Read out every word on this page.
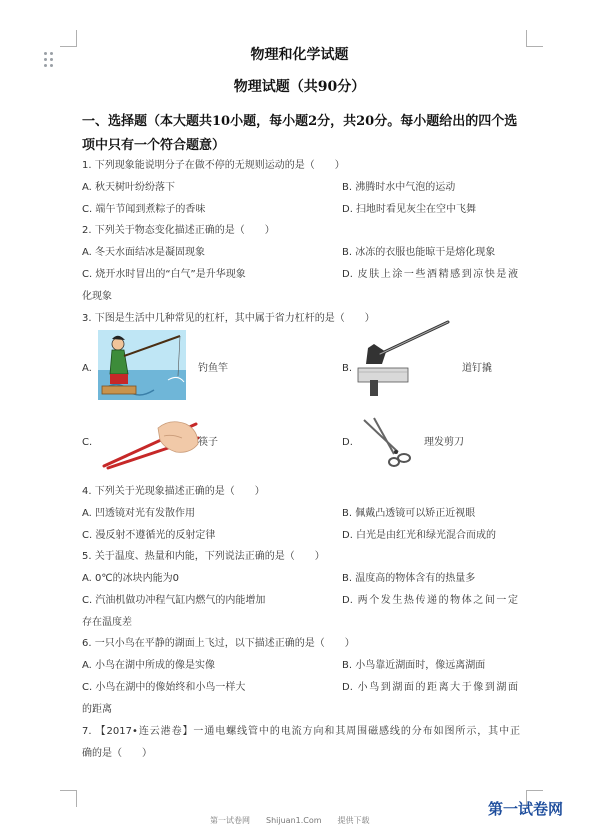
物理和化学试题
物理试题（共90分）
一、选择题（本大题共10小题，每小题2分，共20分。每小题给出的四个选
项中只有一个符合题意）
1. 下列现象能说明分子在做不停的无规则运动的是（　　）
A. 秋天树叶纷纷落下	B. 沸腾时水中气泡的运动
C. 端午节闻到煮粽子的香味	D. 扫地时看见灰尘在空中飞舞
2. 下列关于物态变化描述正确的是（　　）
A. 冬天水面结冰是凝固现象	B. 冰冻的衣服也能晾干是熔化现象
C. 烧开水时冒出的“白气”是升华现象	D. 皮肤上涂一些酒精感到凉快是液
化现象
3. 下图是生活中几种常见的杠杆，其中属于省力杠杆的是（　　）
A.	钓鱼竿	B.	道钉撬
C.	筷子	D.	理发剪刀
4. 下列关于光现象描述正确的是（　　）
A. 凹透镜对光有发散作用	B. 佩戴凸透镜可以矫正近视眼
C. 漫反射不遵循光的反射定律	D. 白光是由红光和绿光混合而成的
5. 关于温度、热量和内能，下列说法正确的是（　　）
A. 0℃的冰块内能为0	B. 温度高的物体含有的热量多
C. 汽油机做功冲程气缸内燃气的内能增加	D. 两个发生热传递的物体之间一定
存在温度差
6. 一只小鸟在平静的湖面上飞过，以下描述正确的是（　　）
A. 小鸟在湖中所成的像是实像	B. 小鸟靠近湖面时，像远离湖面
C. 小鸟在湖中的像始终和小鸟一样大	D. 小鸟到湖面的距离大于像到湖面
的距离
7. 【2017•连云港卷】一通电螺线管中的电流方向和其周围磁感线的分布如图所示，其中正
确的是（　　）
第一试卷网　　Shijuan1.Com　　提供下载
第一试卷网
